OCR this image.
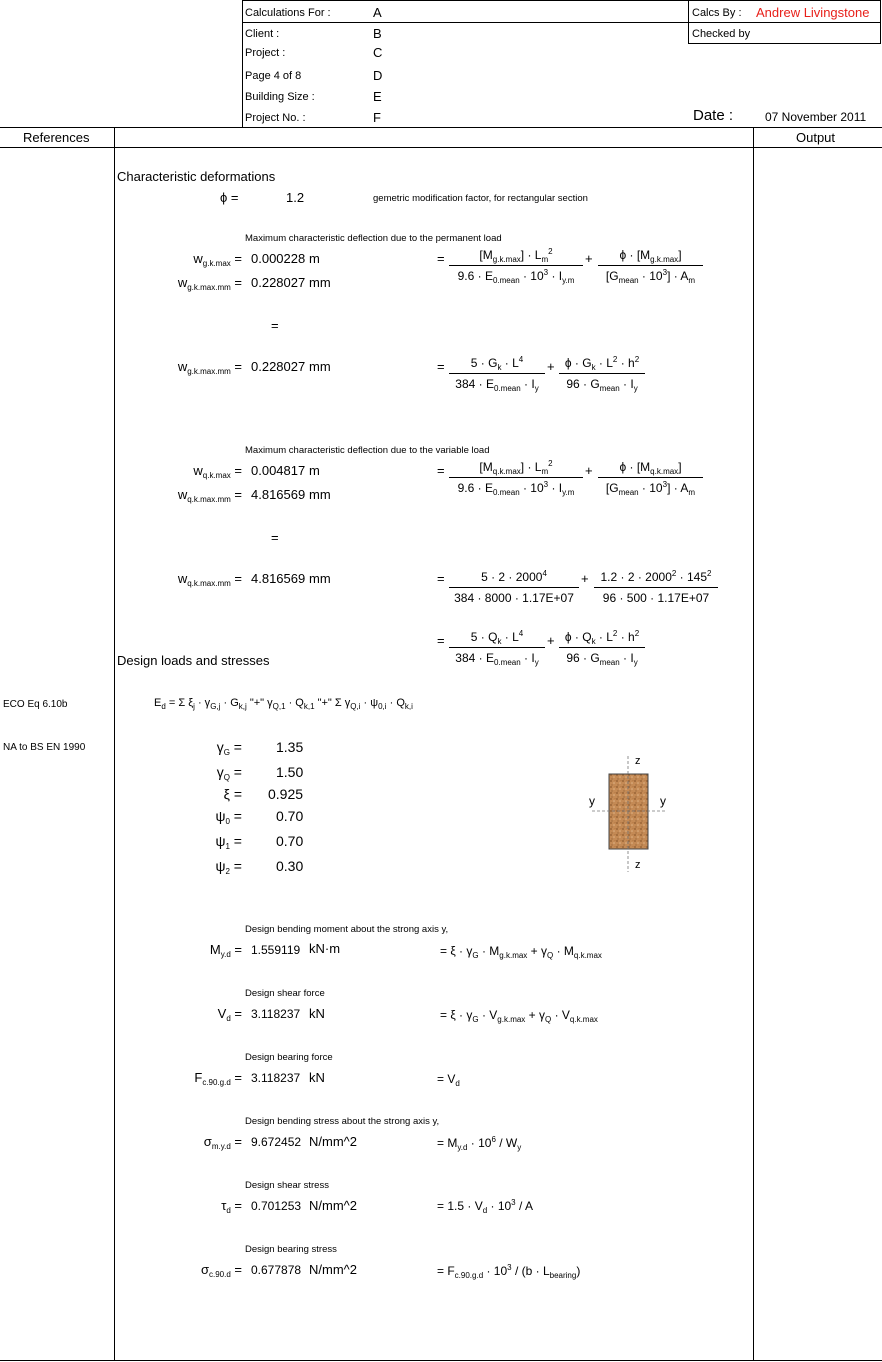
Calculations For :	A
Client :	B
Project :	C
Page 4 of 8	D
Building Size :	E
Project No. :	F
Calcs By : Andrew Livingstone
Checked by
Date :	07 November 2011
References	Output
Characteristic deformations
ϕ =	1.2	gemetric modification factor, for rectangular section
Maximum characteristic deflection due to the permanent load
$w_{g.k.max} = 0.000228$ m	=	$[M_{g.k.max}] \cdot L_m^2$
$9.6 \cdot E_{0.mean} \cdot 10^3 \cdot I_{y.m}$
+	$\phi \cdot [M_{g.k.max}]$
$[G_{mean} \cdot 10^3] \cdot A_m$
$w_{g.k.max.mm} = 0.228027$ mm
=
$w_{g.k.max.mm} = 0.228027$ mm	=	$5 \cdot G_k \cdot L^4$
$384 \cdot E_{0.mean} \cdot I_y$
+ $\phi \cdot G_k \cdot L^2 \cdot h^2$
$96 \cdot G_{mean} \cdot I_y$
Maximum characteristic deflection due to the variable load
$w_{q.k.max} = 0.004817$ m	=	$[M_{q.k.max}] \cdot L_m^2$
$9.6 \cdot E_{0.mean} \cdot 10^3 \cdot I_{y.m}$
+	$\phi \cdot [M_{q.k.max}]$
$[G_{mean} \cdot 10^3] \cdot A_m$
$w_{q.k.max.mm} = 4.816569$ mm
=
$w_{q.k.max.mm} = 4.816569$ mm	=	$5 \cdot 2 \cdot 2000^4$
384 · 8000 · 1.17E+07
+ $1.2 \cdot 2 \cdot 2000^2 \cdot 145^2$
96 · 500 · 1.17E+07
=	$5 \cdot Q_k \cdot L^4$
$384 \cdot E_{0.mean} \cdot I_y$
+ $\phi \cdot Q_k \cdot L^2 \cdot h^2$
$96 \cdot G_{mean} \cdot I_y$
Design loads and stresses
ECO Eq 6.10b	$E_d = \Sigma$ $\xi_j \cdot \gamma_{G,j} \cdot G_{k,j}$ "+" $\gamma_{Q,1} \cdot Q_{k,1}$ "+" Σ $\gamma_{Q,i} \cdot \psi_{0,i} \cdot Q_{k,i}$
NA to BS EN 1990	$\gamma_G = 1.35$
$\gamma_Q = 1.50$
ξ = 0.925
$\psi_0 = 0.70$
$\psi_1 = 0.70$
$\psi_2 = 0.30$
z
z
y	y
Design bending moment about the strong axis y,
$M_{y.d} = 1.559119$ kN·m	= $\xi \cdot \gamma_G \cdot M_{g.k.max} + \gamma_Q \cdot M_{q.k.max}$
Design shear force
$V_d = 3.118237$ kN	= $\xi \cdot \gamma_G \cdot V_{g.k.max} + \gamma_Q \cdot V_{q.k.max}$
Design bearing force
$F_{c.90.g.d} = 3.118237$ kN	= $V_d$
Design bending stress about the strong axis y,
$\sigma_{m.y.d} = 9.672452$ N/mm^2	= $M_{y.d} \cdot 10^6 / W_y$
Design shear stress
$\tau_d = 0.701253$ N/mm^2	= $1.5 \cdot V_d \cdot 10^3 / A$
Design bearing stress
$\sigma_{c.90.d} = 0.677878$ N/mm^2	= $F_{c.90.g.d} \cdot 10^3 / (b \cdot L_{bearing})$
